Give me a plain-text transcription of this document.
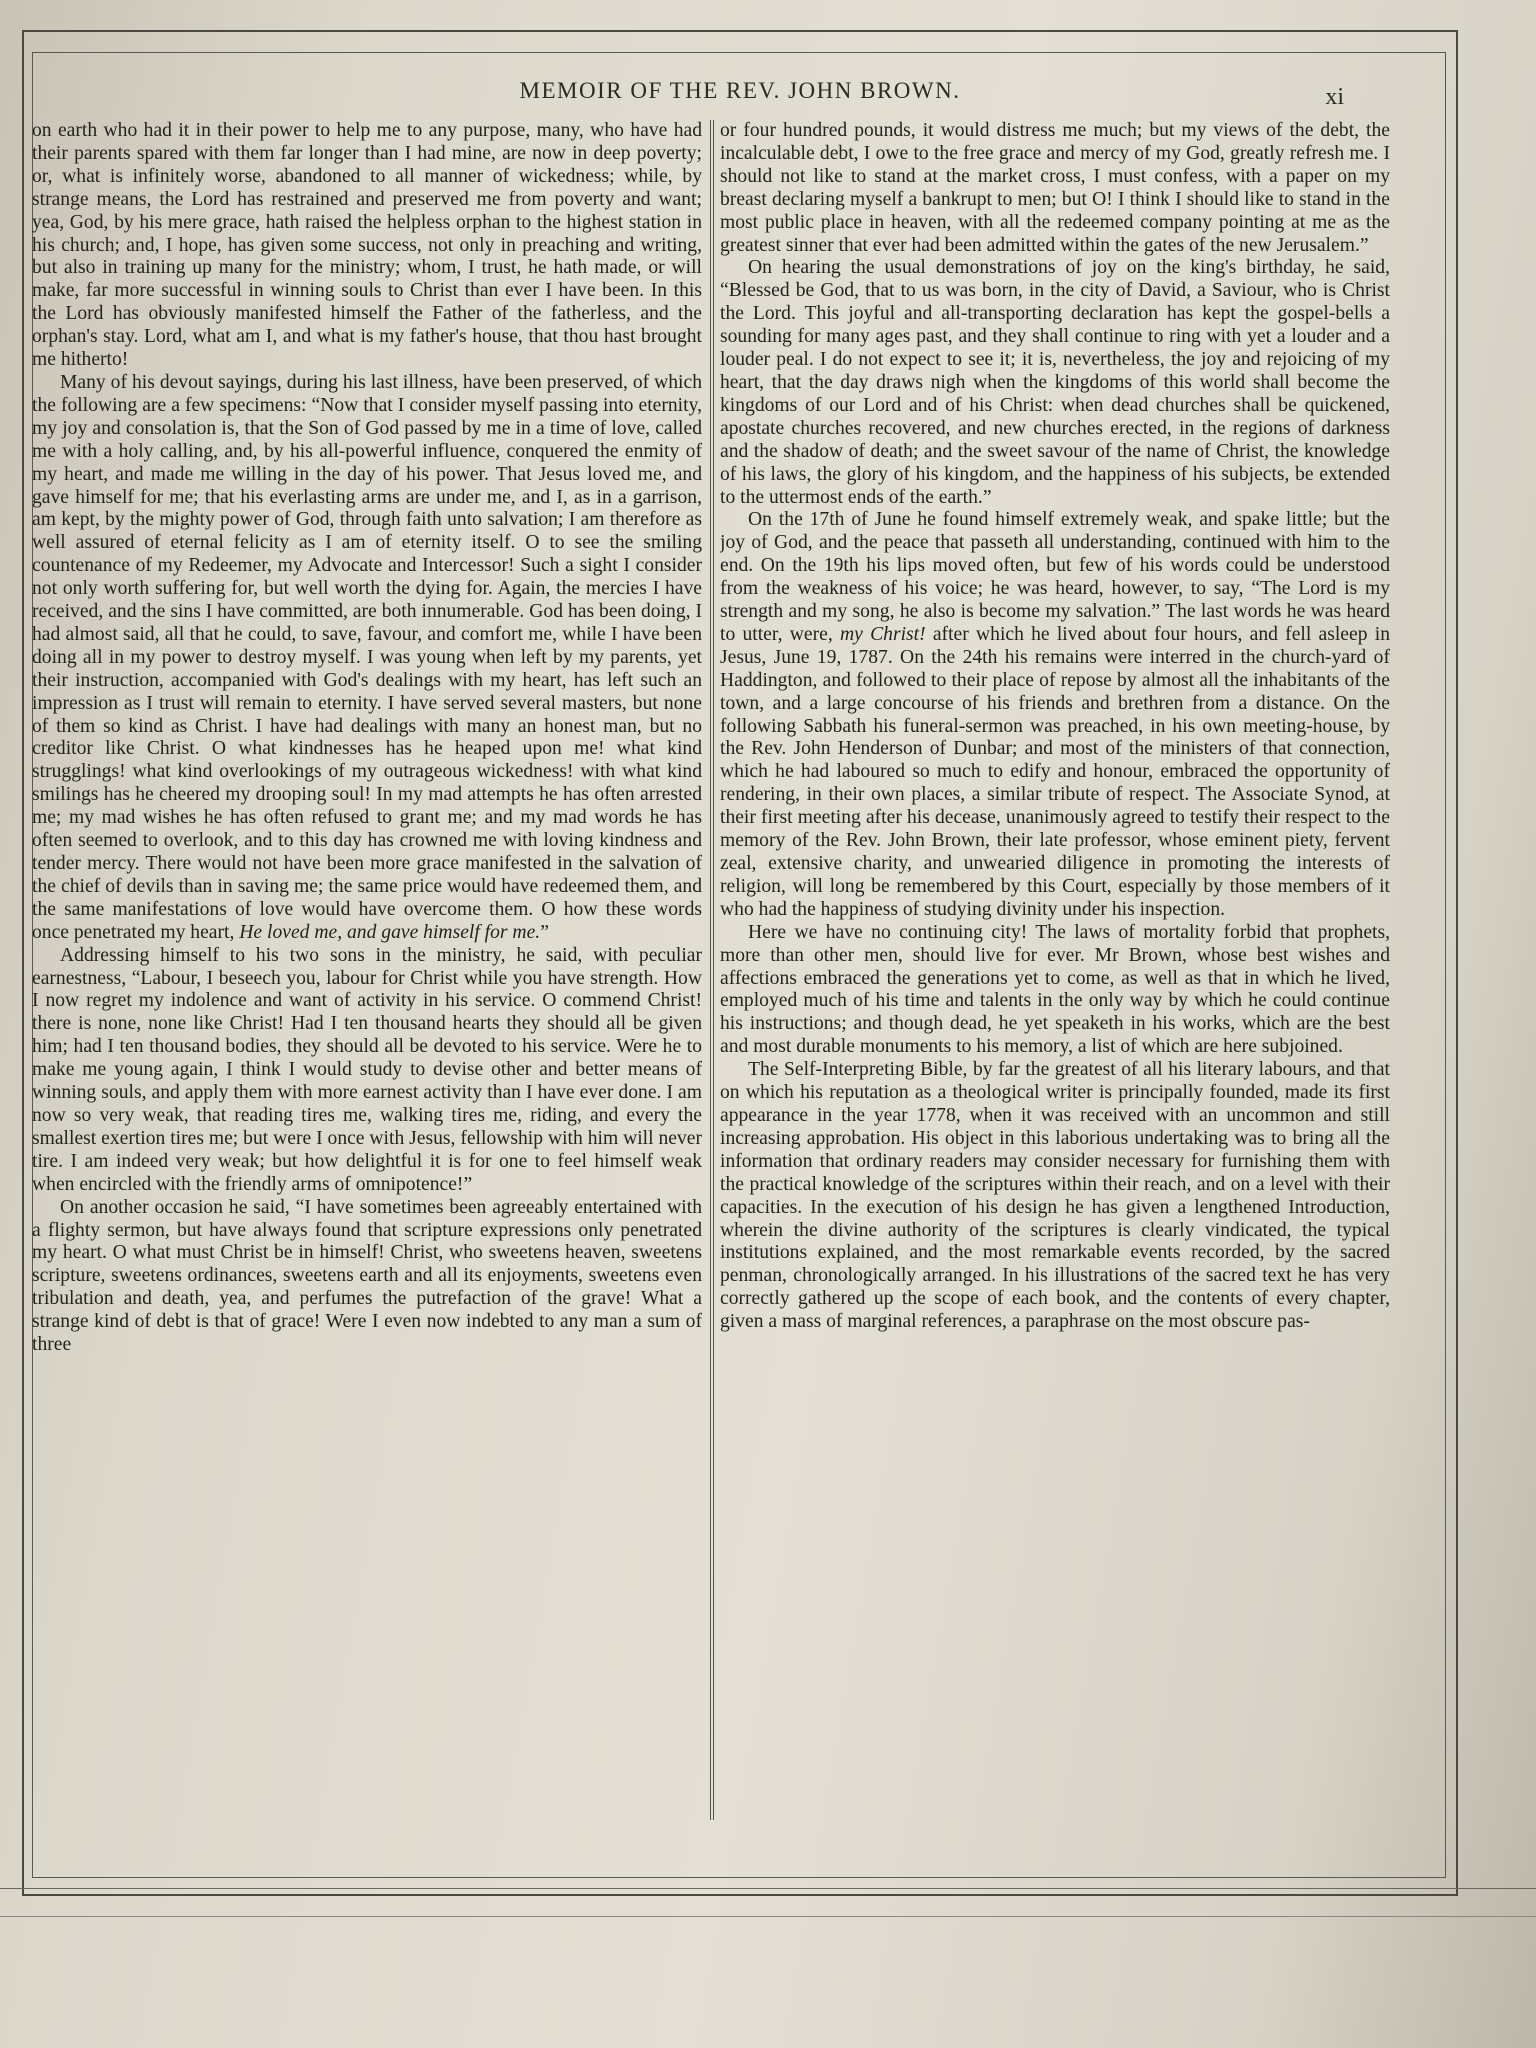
MEMOIR OF THE REV. JOHN BROWN.	xi

on earth who had it in their power to help me to any purpose, many, who have had their parents spared with them far longer than I had mine, are now in deep poverty; or, what is infinitely worse, abandoned to all manner of wickedness; while, by strange means, the Lord has restrained and preserved me from poverty and want; yea, God, by his mere grace, hath raised the helpless orphan to the highest station in his church; and, I hope, has given some success, not only in preaching and writing, but also in training up many for the ministry; whom, I trust, he hath made, or will make, far more successful in winning souls to Christ than ever I have been. In this the Lord has obviously manifested himself the Father of the fatherless, and the orphan's stay. Lord, what am I, and what is my father's house, that thou hast brought me hitherto!

Many of his devout sayings, during his last illness, have been preserved, of which the following are a few specimens: “Now that I consider myself passing into eternity, my joy and consolation is, that the Son of God passed by me in a time of love, called me with a holy calling, and, by his all-powerful influence, conquered the enmity of my heart, and made me willing in the day of his power. That Jesus loved me, and gave himself for me; that his everlasting arms are under me, and I, as in a garrison, am kept, by the mighty power of God, through faith unto salvation; I am therefore as well assured of eternal felicity as I am of eternity itself. O to see the smiling countenance of my Redeemer, my Advocate and Intercessor! Such a sight I consider not only worth suffering for, but well worth the dying for. Again, the mercies I have received, and the sins I have committed, are both innumerable. God has been doing, I had almost said, all that he could, to save, favour, and comfort me, while I have been doing all in my power to destroy myself. I was young when left by my parents, yet their instruction, accompanied with God's dealings with my heart, has left such an impression as I trust will remain to eternity. I have served several masters, but none of them so kind as Christ. I have had dealings with many an honest man, but no creditor like Christ. O what kindnesses has he heaped upon me! what kind strugglings! what kind overlookings of my outrageous wickedness! with what kind smilings has he cheered my drooping soul! In my mad attempts he has often arrested me; my mad wishes he has often refused to grant me; and my mad words he has often seemed to overlook, and to this day has crowned me with loving kindness and tender mercy. There would not have been more grace manifested in the salvation of the chief of devils than in saving me; the same price would have redeemed them, and the same manifestations of love would have overcome them. O how these words once penetrated my heart, He loved me, and gave himself for me.”

Addressing himself to his two sons in the ministry, he said, with peculiar earnestness, “Labour, I beseech you, labour for Christ while you have strength. How I now regret my indolence and want of activity in his service. O commend Christ! there is none, none like Christ! Had I ten thousand hearts they should all be given him; had I ten thousand bodies, they should all be devoted to his service. Were he to make me young again, I think I would study to devise other and better means of winning souls, and apply them with more earnest activity than I have ever done. I am now so very weak, that reading tires me, walking tires me, riding, and every the smallest exertion tires me; but were I once with Jesus, fellowship with him will never tire. I am indeed very weak; but how delightful it is for one to feel himself weak when encircled with the friendly arms of omnipotence!”

On another occasion he said, “I have sometimes been agreeably entertained with a flighty sermon, but have always found that scripture expressions only penetrated my heart. O what must Christ be in himself! Christ, who sweetens heaven, sweetens scripture, sweetens ordinances, sweetens earth and all its enjoyments, sweetens even tribulation and death, yea, and perfumes the putrefaction of the grave! What a strange kind of debt is that of grace! Were I even now indebted to any man a sum of three

or four hundred pounds, it would distress me much; but my views of the debt, the incalculable debt, I owe to the free grace and mercy of my God, greatly refresh me. I should not like to stand at the market cross, I must confess, with a paper on my breast declaring myself a bankrupt to men; but O! I think I should like to stand in the most public place in heaven, with all the redeemed company pointing at me as the greatest sinner that ever had been admitted within the gates of the new Jerusalem.”

On hearing the usual demonstrations of joy on the king's birthday, he said, “Blessed be God, that to us was born, in the city of David, a Saviour, who is Christ the Lord. This joyful and all-transporting declaration has kept the gospel-bells a sounding for many ages past, and they shall continue to ring with yet a louder and a louder peal. I do not expect to see it; it is, nevertheless, the joy and rejoicing of my heart, that the day draws nigh when the kingdoms of this world shall become the kingdoms of our Lord and of his Christ: when dead churches shall be quickened, apostate churches recovered, and new churches erected, in the regions of darkness and the shadow of death; and the sweet savour of the name of Christ, the knowledge of his laws, the glory of his kingdom, and the happiness of his subjects, be extended to the uttermost ends of the earth.”

On the 17th of June he found himself extremely weak, and spake little; but the joy of God, and the peace that passeth all understanding, continued with him to the end. On the 19th his lips moved often, but few of his words could be understood from the weakness of his voice; he was heard, however, to say, “The Lord is my strength and my song, he also is become my salvation.” The last words he was heard to utter, were, my Christ! after which he lived about four hours, and fell asleep in Jesus, June 19, 1787. On the 24th his remains were interred in the church-yard of Haddington, and followed to their place of repose by almost all the inhabitants of the town, and a large concourse of his friends and brethren from a distance. On the following Sabbath his funeral-sermon was preached, in his own meeting-house, by the Rev. John Henderson of Dunbar; and most of the ministers of that connection, which he had laboured so much to edify and honour, embraced the opportunity of rendering, in their own places, a similar tribute of respect. The Associate Synod, at their first meeting after his decease, unanimously agreed to testify their respect to the memory of the Rev. John Brown, their late professor, whose eminent piety, fervent zeal, extensive charity, and unwearied diligence in promoting the interests of religion, will long be remembered by this Court, especially by those members of it who had the happiness of studying divinity under his inspection.

Here we have no continuing city! The laws of mortality forbid that prophets, more than other men, should live for ever. Mr Brown, whose best wishes and affections embraced the generations yet to come, as well as that in which he lived, employed much of his time and talents in the only way by which he could continue his instructions; and though dead, he yet speaketh in his works, which are the best and most durable monuments to his memory, a list of which are here subjoined.

The Self-Interpreting Bible, by far the greatest of all his literary labours, and that on which his reputation as a theological writer is principally founded, made its first appearance in the year 1778, when it was received with an uncommon and still increasing approbation. His object in this laborious undertaking was to bring all the information that ordinary readers may consider necessary for furnishing them with the practical knowledge of the scriptures within their reach, and on a level with their capacities. In the execution of his design he has given a lengthened Introduction, wherein the divine authority of the scriptures is clearly vindicated, the typical institutions explained, and the most remarkable events recorded, by the sacred penman, chronologically arranged. In his illustrations of the sacred text he has very correctly gathered up the scope of each book, and the contents of every chapter, given a mass of marginal references, a paraphrase on the most obscure pas-
